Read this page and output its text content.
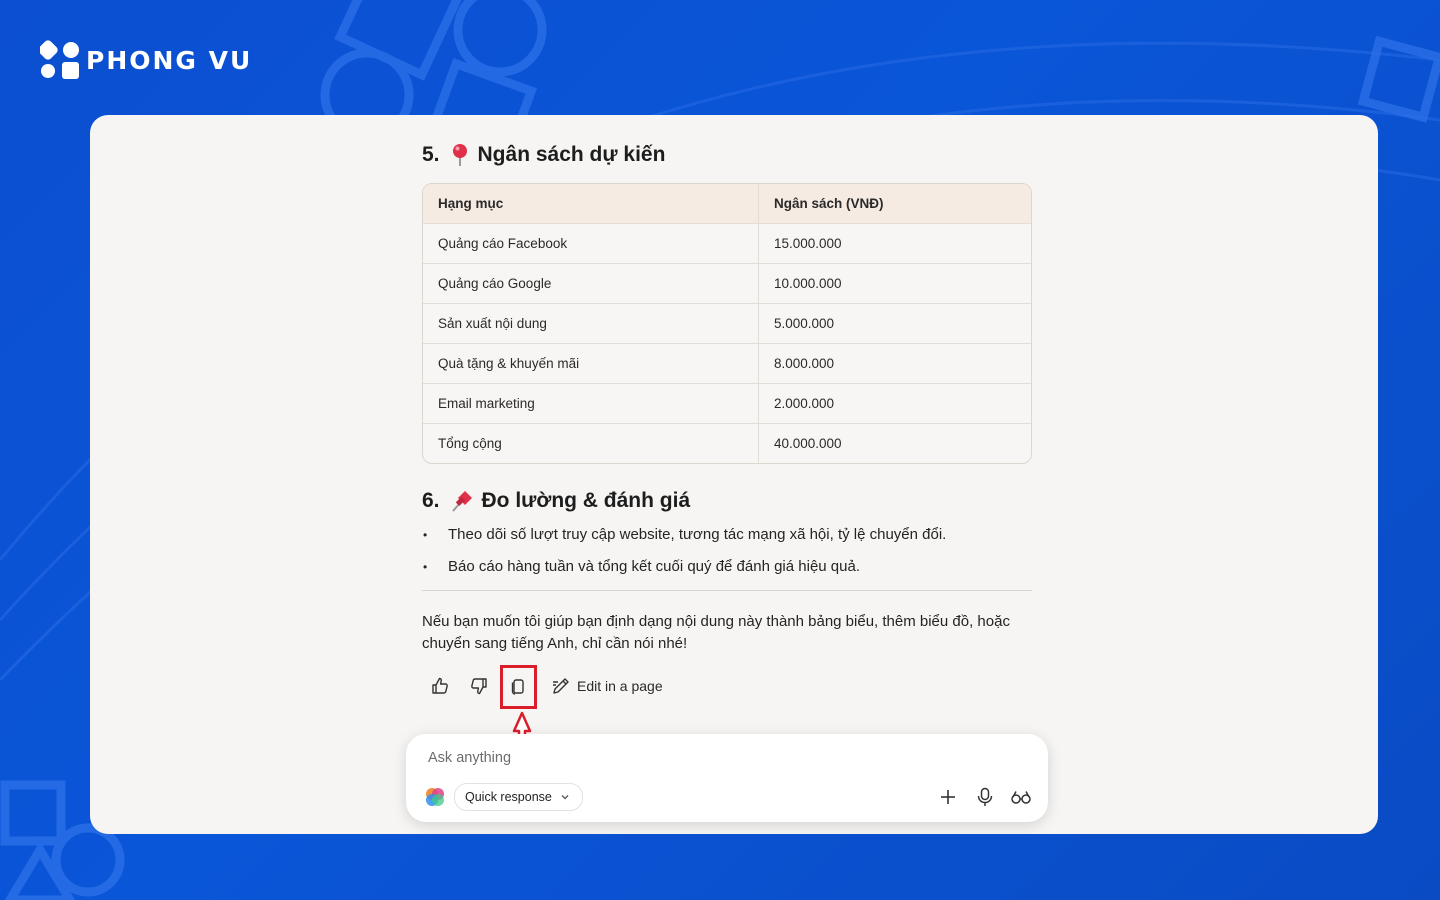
PHONG VU
5. Ngân sách dự kiến
Hạng mục	Ngân sách (VNĐ)
Quảng cáo Facebook	15.000.000
Quảng cáo Google	10.000.000
Sản xuất nội dung	5.000.000
Quà tặng & khuyến mãi	8.000.000
Email marketing	2.000.000
Tổng cộng	40.000.000
6. Đo lường & đánh giá
• Theo dõi số lượt truy cập website, tương tác mạng xã hội, tỷ lệ chuyển đổi.
• Báo cáo hàng tuần và tổng kết cuối quý để đánh giá hiệu quả.
Nếu bạn muốn tôi giúp bạn định dạng nội dung này thành bảng biểu, thêm biểu đồ, hoặc chuyển sang tiếng Anh, chỉ cần nói nhé!
Edit in a page
Ask anything
Quick response
